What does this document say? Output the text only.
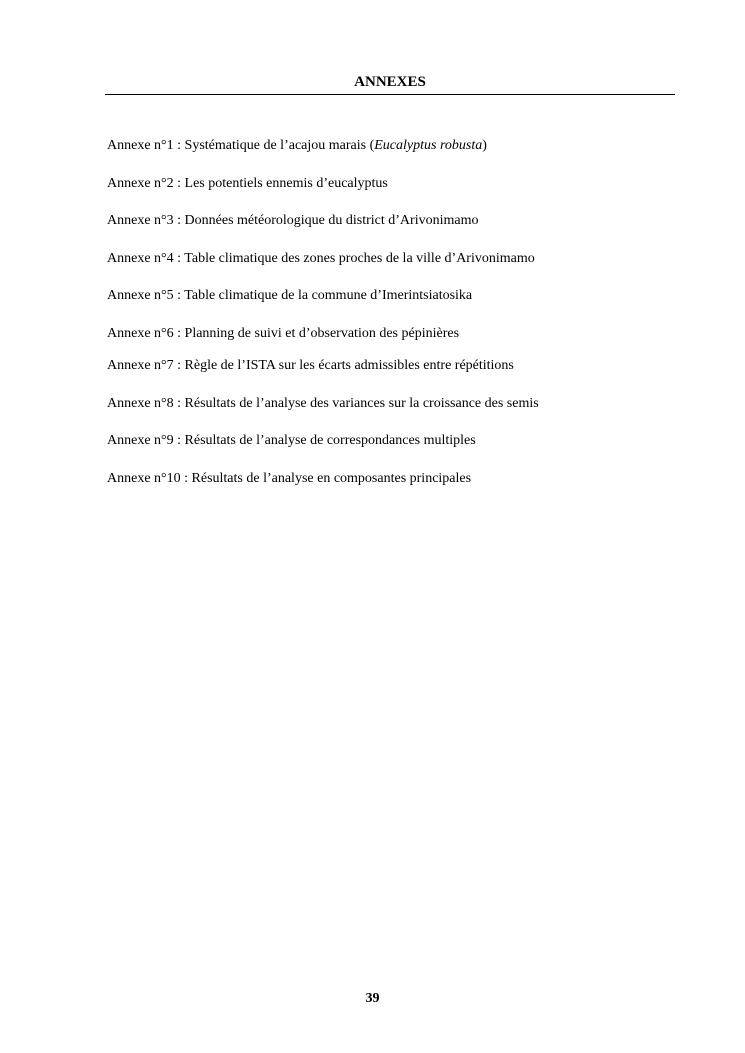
ANNEXES
Annexe n°1 : Systématique de l’acajou marais (Eucalyptus robusta)
Annexe n°2 : Les potentiels ennemis d’eucalyptus
Annexe n°3 : Données météorologique du district d’Arivonimamo
Annexe n°4 : Table climatique des zones proches de la ville d’Arivonimamo
Annexe n°5 : Table climatique de la commune d’Imerintsiatosika
Annexe n°6 : Planning de suivi et d’observation des pépinières
Annexe n°7 : Règle de l’ISTA sur les écarts admissibles entre répétitions
Annexe n°8 : Résultats de l’analyse des variances sur la croissance des semis
Annexe n°9 : Résultats de l’analyse de correspondances multiples
Annexe n°10 : Résultats de l’analyse en composantes principales
39
